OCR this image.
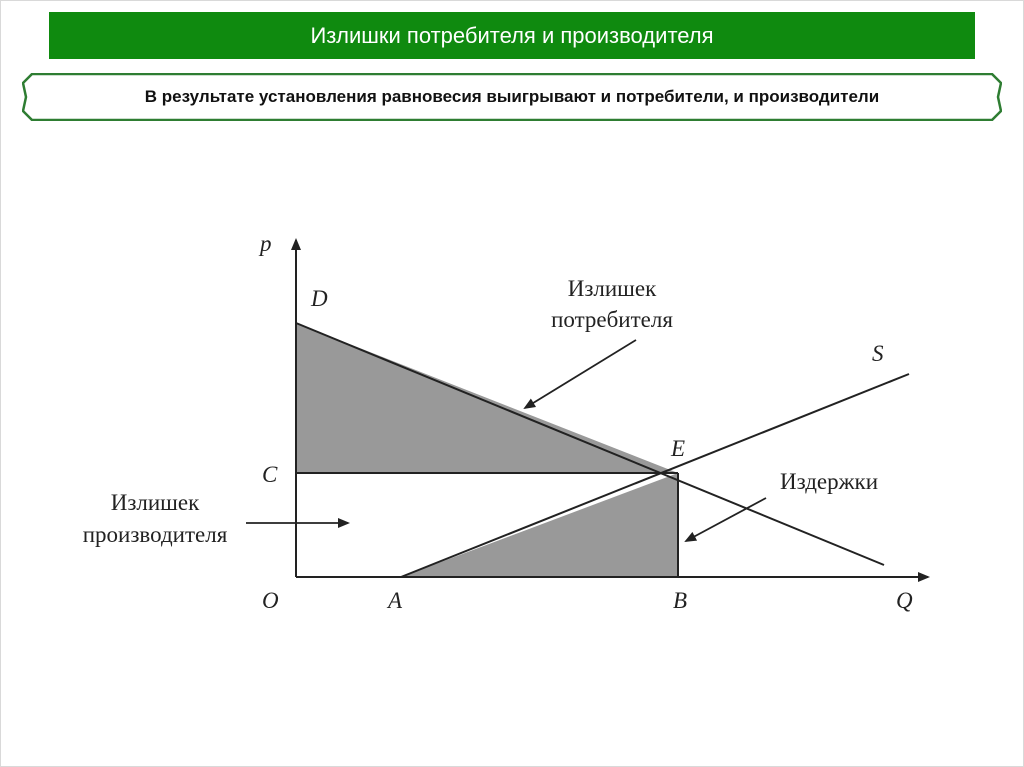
Излишки потребителя и производителя
В результате установления равновесия выигрывают и потребители, и производители
p
Q
O
D
C
E
S
A	B
Излишек
потребителя
Излишек
производителя
Издержки
